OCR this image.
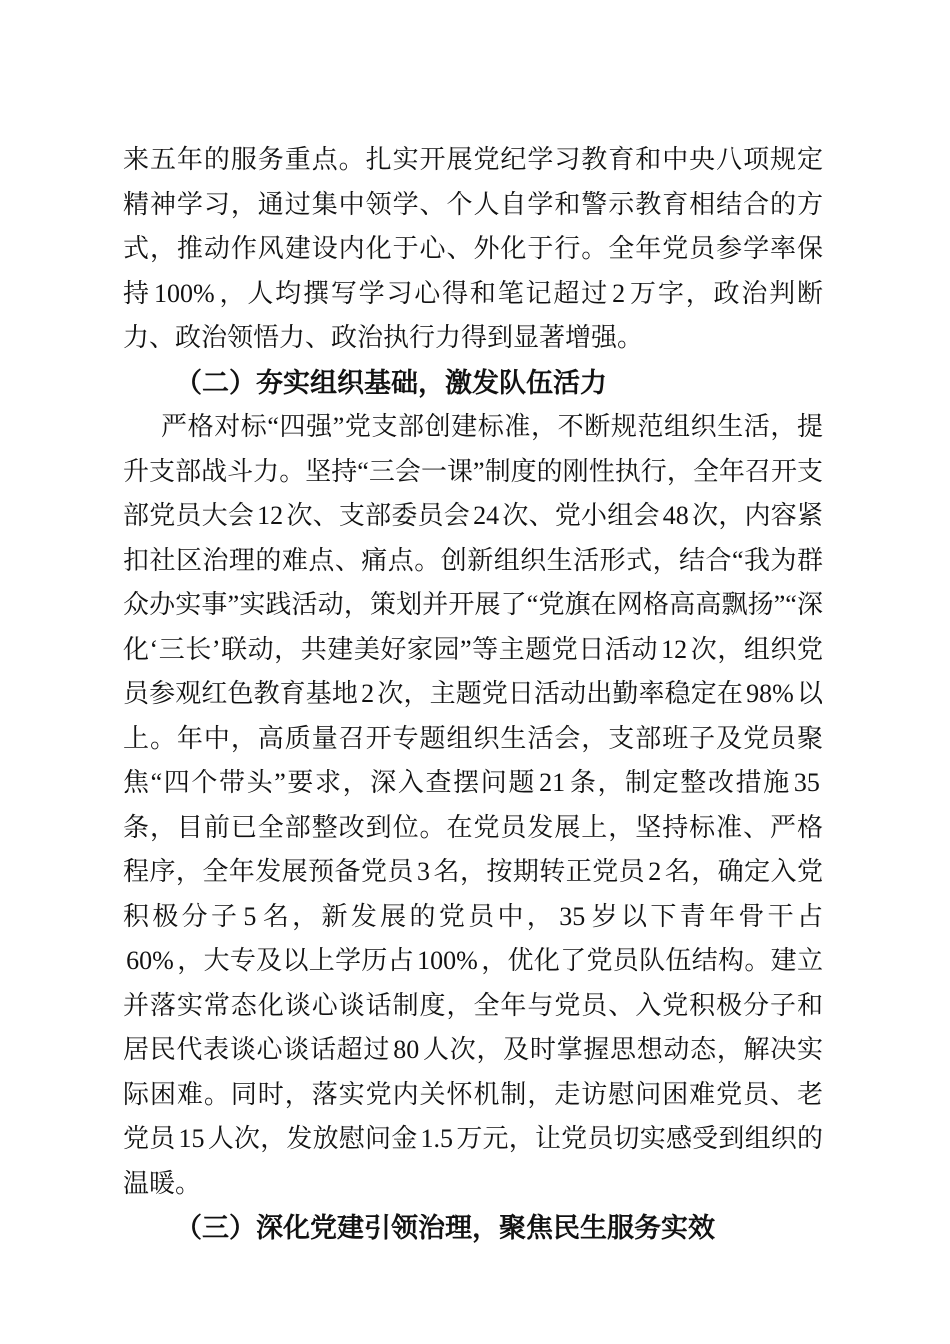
来五年的服务重点。扎实开展党纪学习教育和中央八项规定精神学习，通过集中领学、个人自学和警示教育相结合的方式，推动作风建设内化于心、外化于行。全年党员参学率保持 100% ，人均撰写学习心得和笔记超过 2 万字，政治判断力、政治领悟力、政治执行力得到显著增强。

（二）夯实组织基础，激发队伍活力

严格对标“四强”党支部创建标准，不断规范组织生活，提升支部战斗力。坚持“三会一课”制度的刚性执行，全年召开支部党员大会 12 次、支部委员会 24 次、党小组会 48 次，内容紧扣社区治理的难点、痛点。创新组织生活形式，结合“我为群众办实事”实践活动，策划并开展了“党旗在网格高高飘扬”“深化‘三长’联动，共建美好家园”等主题党日活动 12 次，组织党员参观红色教育基地 2 次，主题党日活动出勤率稳定在 98% 以上。年中，高质量召开专题组织生活会，支部班子及党员聚焦“四个带头”要求，深入查摆问题 21 条，制定整改措施 35条，目前已全部整改到位。在党员发展上，坚持标准、严格程序，全年发展预备党员 3 名，按期转正党员 2 名，确定入党积极分子 5 名，新发展的党员中， 35 岁以下青年骨干占60% ，大专及以上学历占 100% ，优化了党员队伍结构。建立并落实常态化谈心谈话制度，全年与党员、入党积极分子和居民代表谈心谈话超过 80 人次，及时掌握思想动态，解决实际困难。同时，落实党内关怀机制，走访慰问困难党员、老党员 15 人次，发放慰问金 1.5 万元，让党员切实感受到组织的温暖。

（三）深化党建引领治理，聚焦民生服务实效
